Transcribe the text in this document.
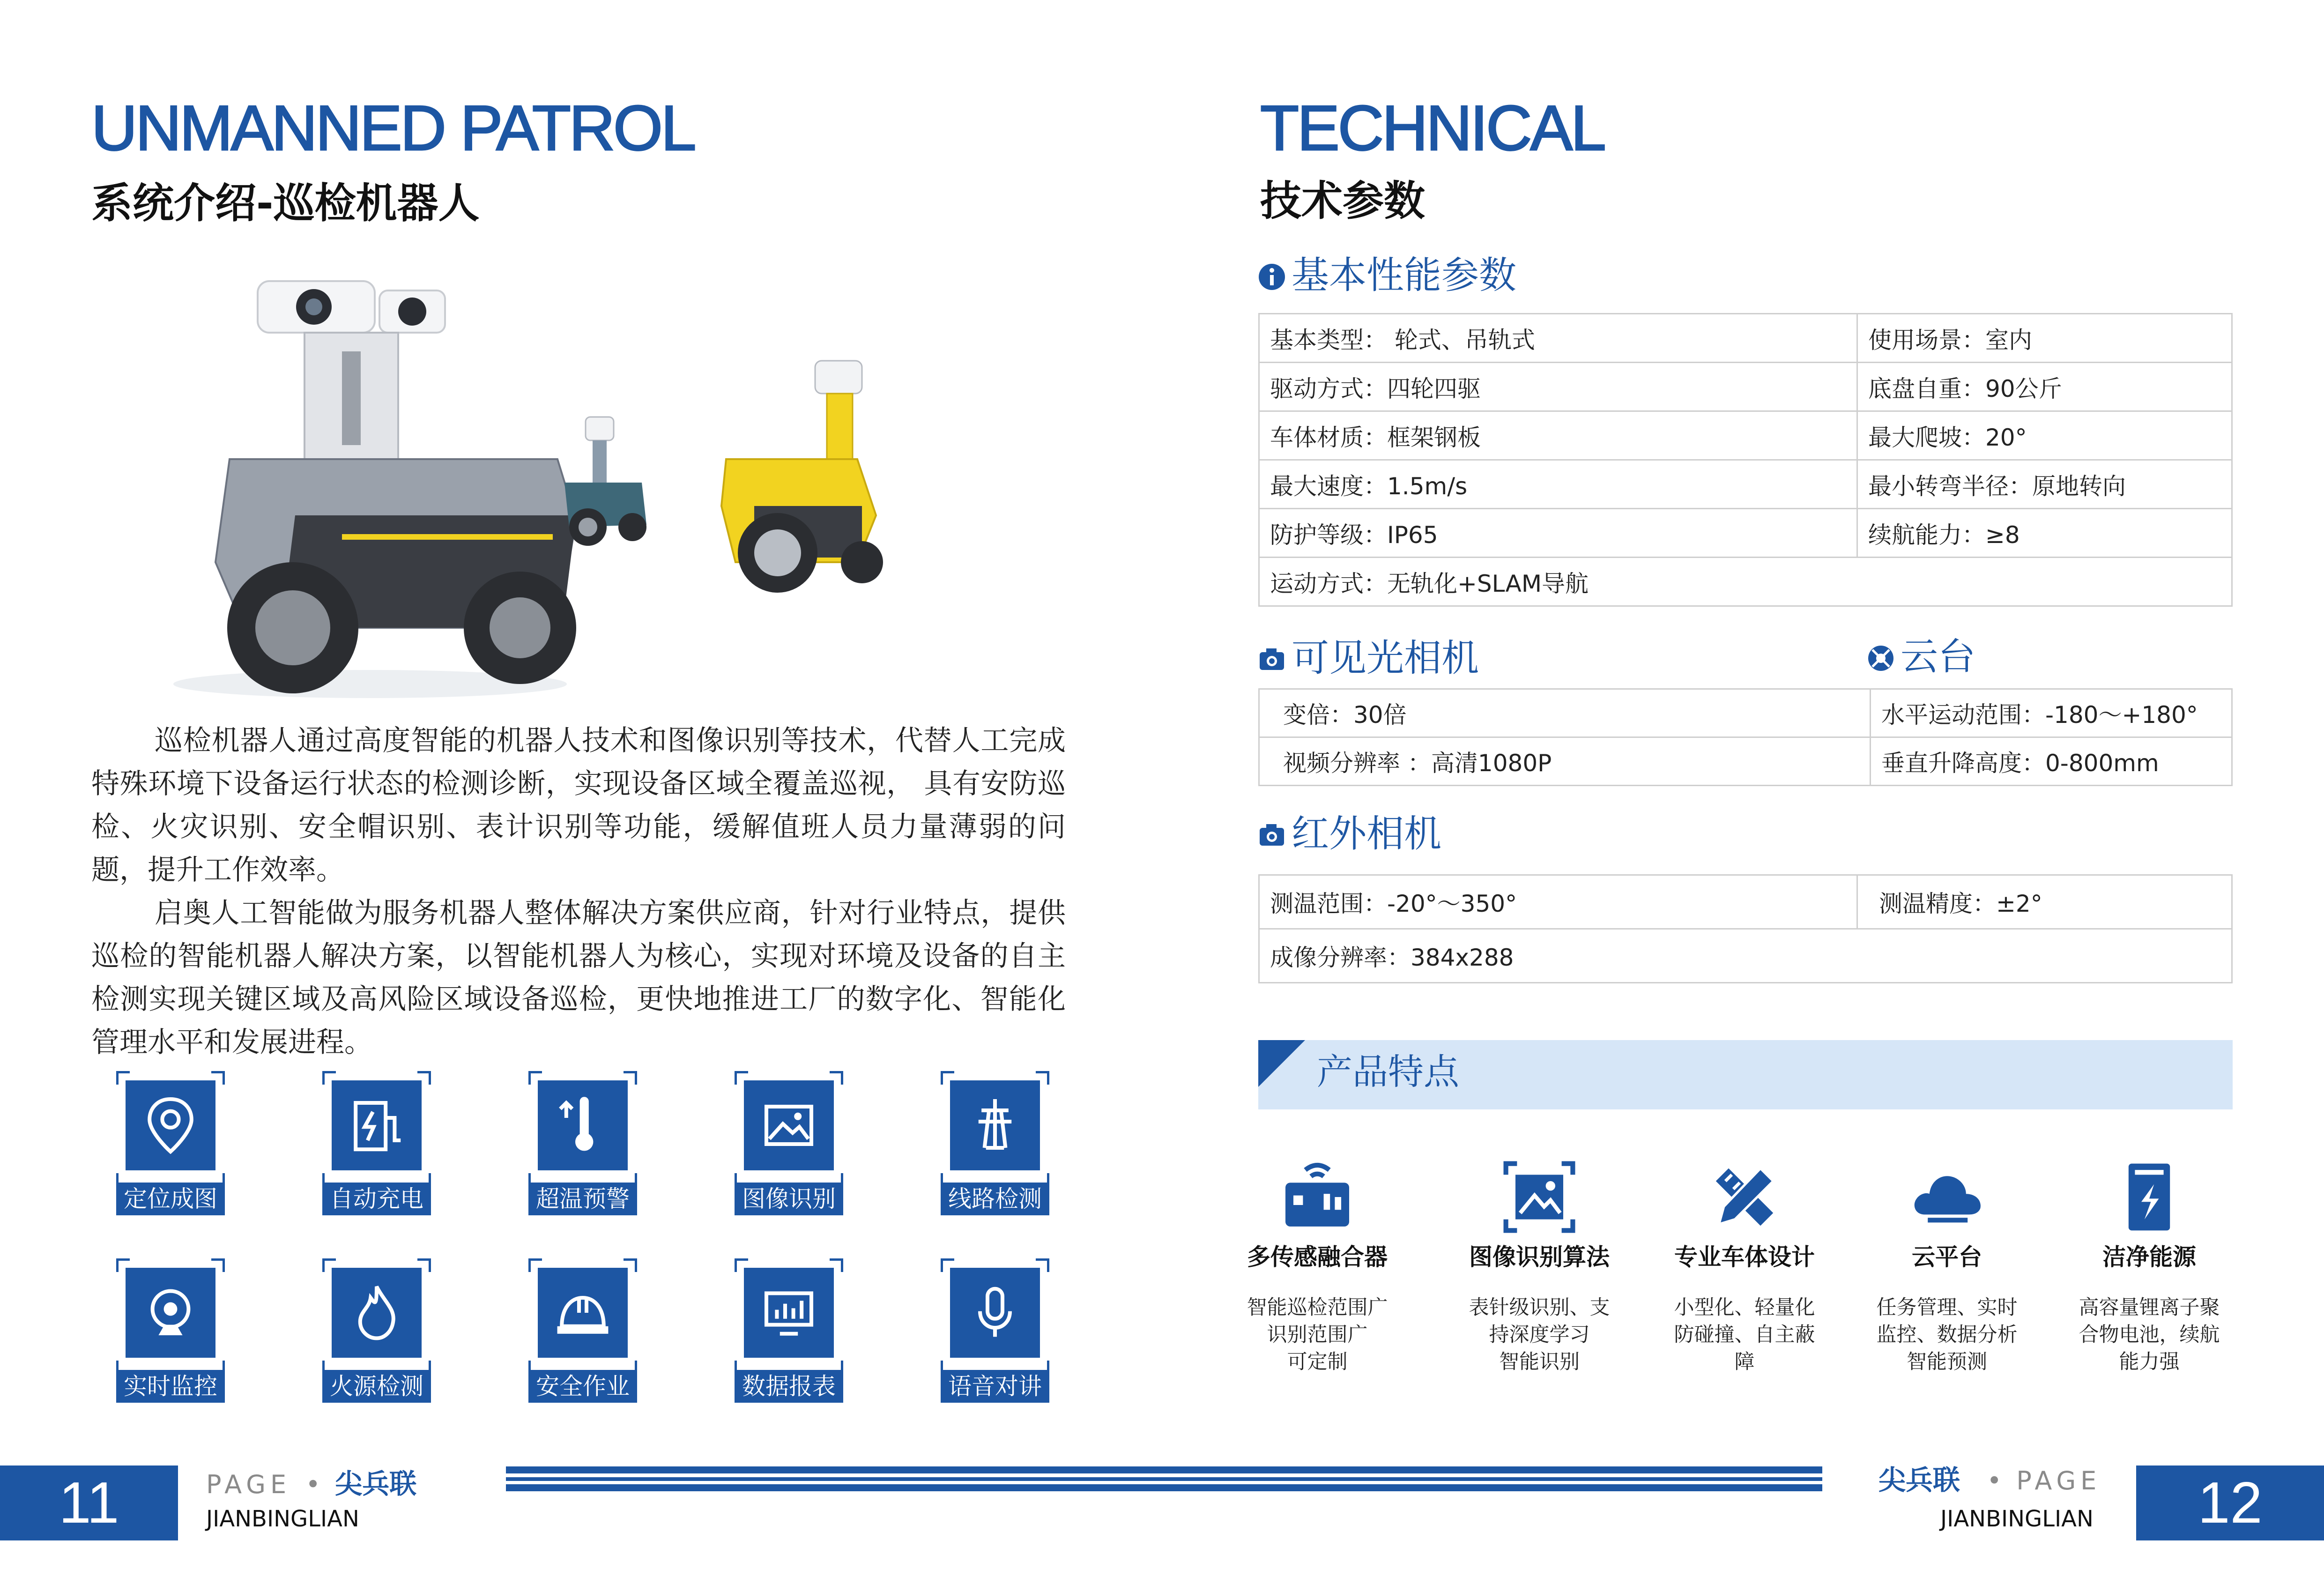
UNMANNED PATROL
系统介绍-巡检机器人

巡检机器人通过高度智能的机器人技术和图像识别等技术，代替人工完成特殊环境下设备运行状态的检测诊断，实现设备区域全覆盖巡视， 具有安防巡检、火灾识别、安全帽识别、表计识别等功能，缓解值班人员力量薄弱的问题，提升工作效率。

启奥人工智能做为服务机器人整体解决方案供应商，针对行业特点，提供巡检的智能机器人解决方案，以智能机器人为核心，实现对环境及设备的自主检测实现关键区域及高风险区域设备巡检，更快地推进工厂的数字化、智能化管理水平和发展进程。

定位成图	自动充电	超温预警	图像识别	线路检测
实时监控	火源检测	安全作业	数据报表	语音对讲
TECHNICAL
技术参数
基本性能参数
基本类型： 轮式、吊轨式	使用场景：室内
驱动方式：四轮四驱	底盘自重：90公斤
车体材质：框架钢板	最大爬坡：20°
最大速度：1.5m/s	最小转弯半径：原地转向
防护等级：IP65	续航能力：≥8
运动方式：无轨化+SLAM导航	
可见光相机	云台
变倍：30倍	水平运动范围：-180～+180°
视频分辨率 ：高清1080P	垂直升降高度：0-800mm
红外相机
测温范围：-20°～350°	测温精度：±2°
成像分辨率：384x288
产品特点
多传感融合器
智能巡检范围广
识别范围广
可定制
图像识别算法
表针级识别、支
持深度学习
智能识别
专业车体设计
小型化、轻量化
防碰撞、自主蔽
障
云平台
任务管理、实时
监控、数据分析
智能预测
洁净能源
高容量锂离子聚
合物电池，续航
能力强
11	PAGE • 尖兵联
JIANBINGLIAN
尖兵联 • PAGE
JIANBINGLIAN	12
